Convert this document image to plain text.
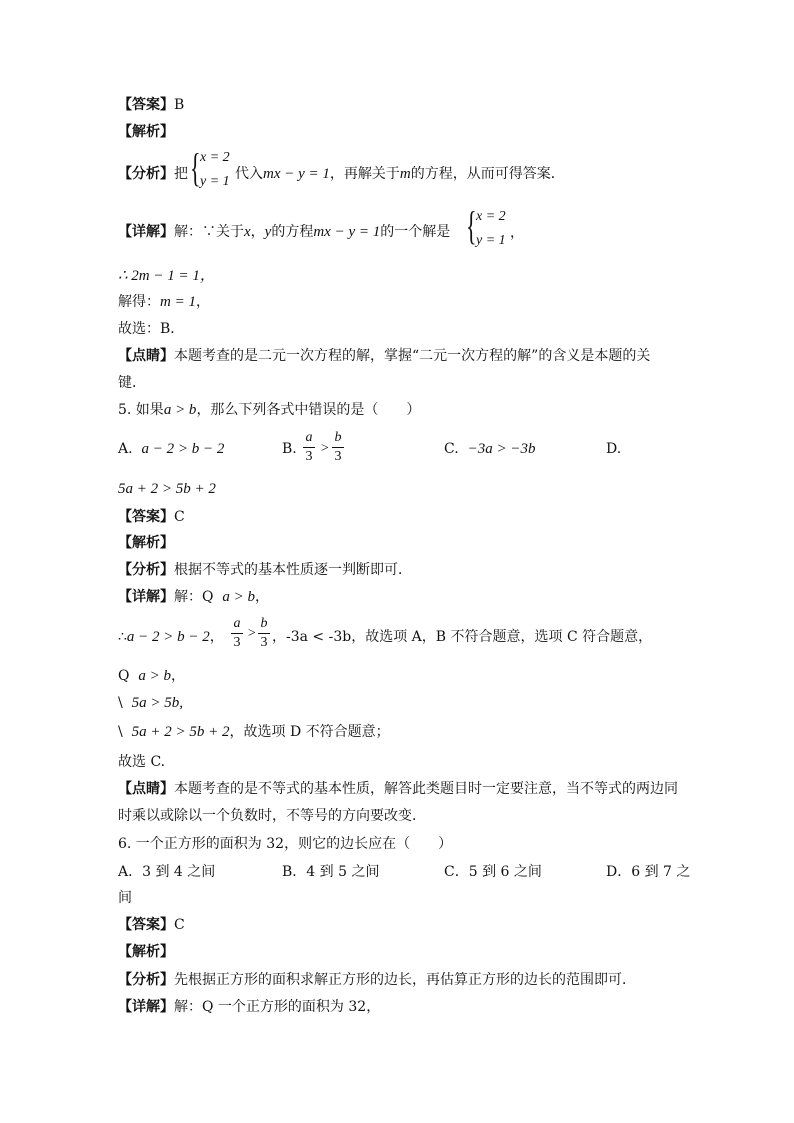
【答案】B
【解析】
【分析】把 { x = 2
y = 1 代入mx − y = 1，再解关于m的方程，从而可得答案．
【详解】解：∵关于x，y的方程mx − y = 1的一个解是 { x = 2
y = 1 ，
∴ 2m − 1 = 1，
解得：m = 1，
故选：B．
【点睛】本题考查的是二元一次方程的解，掌握“二元一次方程的解”的含义是本题的关
键．
5. 如果a > b，那么下列各式中错误的是（　　）
A. a − 2 > b − 2	B.
a
3
>
b
3	C. −3a > −3b	D.
5a + 2 > 5b + 2
【答案】C
【解析】
【分析】根据不等式的基本性质逐一判断即可．
【详解】解：Q a > b，
∴a − 2 > b − 2，
a
3
>
b
3 ，-3a < -3b，故选项 A，B 不符合题意，选项 C 符合题意，
Q a > b，
\ 5a > 5b,
\ 5a + 2 > 5b + 2，故选项 D 不符合题意；
故选 C.
【点睛】本题考查的是不等式的基本性质，解答此类题目时一定要注意，当不等式的两边同
时乘以或除以一个负数时，不等号的方向要改变．
6. 一个正方形的面积为 32，则它的边长应在（　　）
A．3 到 4 之间	B．4 到 5 之间	C．5 到 6 之间	D．6 到 7 之
间
【答案】C
【解析】
【分析】先根据正方形的面积求解正方形的边长，再估算正方形的边长的范围即可．
【详解】解：Q 一个正方形的面积为 32，
